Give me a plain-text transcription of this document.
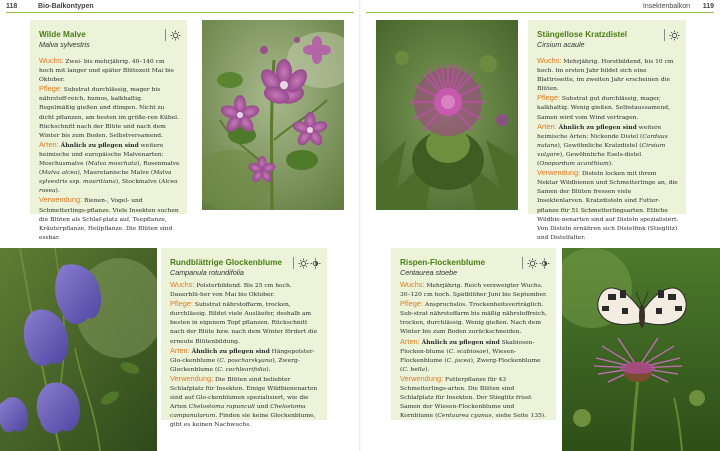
118	Bio-Balkontypen	Insektenbalkon 119
Wilde Malve
Malva sylvestris

Wuchs: Zwei- bis mehrjährig. 40–140 cm hoch mit langer und später Blütezeit Mai bis Oktober.

Pflege: Substrat durchlässig, mager bis nährstoff-reich, humos, kalkhaltig. Regelmäßig gießen und düngen. Nicht zu dicht pflanzen, am besten im größe-ren Kübel. Rückschnitt nach der Blüte und nach dem Winter bis zum Boden. Selbstversamend.

Arten: Ähnlich zu pflegen sind weitere heimische und europäische Malvenarten: Moschusmalve (Malva moschata), Rosenmalve (Malva alcea), Mauretanische Malve (Malva sylvestris ssp. mauritiana), Stockmalve (Alcea rosea).

Verwendung: Bienen-, Vogel- und Schmetterlings-pflanze. Viele Insekten suchen die Blüten als Schlaf-platz auf. Teepflanze, Kräuterpflanze, Heilpflanze. Die Blüten sind essbar.

Stängellose Kratzdistel
Cirsium acaule

Wuchs: Mehrjährig. Horstbildend, bis 10 cm hoch. Im ersten Jahr bildet sich eine Blattrosette, im zweiten Jahr erscheinen die Blüten.

Pflege: Substrat gut durchlässig, mager, kalkhaltig. Wenig gießen. Selbstaussamend, Samen wird vom Wind vertragen.

Arten: Ähnlich zu pflegen sind weitere heimische Arten: Nickende Distel (Carduus nutans), Gewöhnliche Kratzdistel (Cirsium vulgare), Gewöhnliche Esels-distel (Onopordum acanthium).

Verwendung: Disteln locken mit ihrem Nektar Wildbienen und Schmetterlinge an, die Samen der Blüten fressen viele Insektenlarven. Kratzdisteln sind Futter-pflanze für 51 Schmetterlingsarten. Etliche Wildbie-nenarten sind auf Disteln spezialisiert. Von Disteln ernähren sich Distelfink (Stieglitz) und Distelfalter.

Rundblättrige Glockenblume
Campanula rotundifolia

Wuchs: Polsterbildend. Bis 25 cm hoch. Dauerblü-her von Mai bis Oktober.

Pflege: Substrat nährstoffarm, trocken, durchlässig. Bildet viele Ausläufer, deshalb am besten in eigenem Topf pflanzen. Rückschnitt nach der Blüte bzw. nach dem Winter fördert die erneute Blütenbildung.

Arten: Ähnlich zu pflegen sind Hängepolster-Glo-ckenblume (C. poscharskyana), Zwerg-Glockenblume (C. cochlearifolia).

Verwendung: Die Blüten sind beliebter Schlafplatz für Insekten. Einige Wildbienenarten sind auf Glo-ckenblumen spezialisiert, wie die Arten Chelostoma rapunculi und Chelostoma campanularum. Finden sie keine Glockenblume, gibt es keinen Nachwuchs.

Rispen-Flockenblume
Centaurea stoebe

Wuchs: Mehrjährig. Reich verzweigter Wuchs. 30–120 cm hoch. Spätblüher Juni bis September.

Pflege: Anspruchslos. Trockenheitsverträglich. Sub-strat nährstoffarm bis mäßig nährstoffreich, trocken, durchlässig. Wenig gießen. Nach dem Winter bis zum Boden zurückschneiden.

Arten: Ähnlich zu pflegen sind Skabiosen-Flocken-blume (C. scabiosae), Wiesen-Flockenblume (C. jacea), Zwerg-Flockenblume (C. bella).

Verwendung: Futterpflanze für 43 Schmetterlings-arten. Die Blüten sind Schlafplatz für Insekten. Der Stieglitz frisst Samen der Wiesen-Flockenblume und Kornblume (Centaurea cyanus, siehe Seite 135).
